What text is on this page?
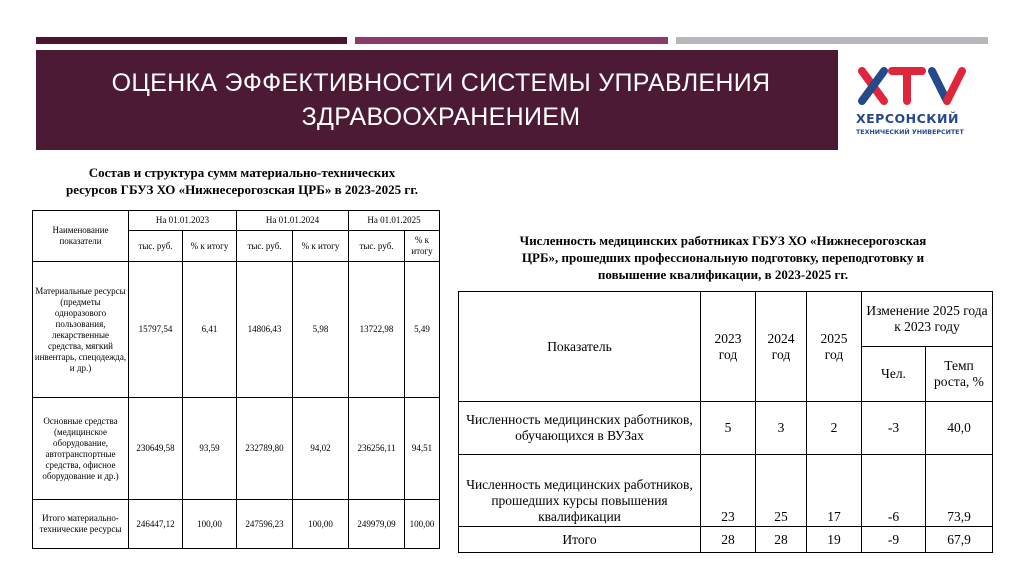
ОЦЕНКА ЭФФЕКТИВНОСТИ СИСТЕМЫ УПРАВЛЕНИЯ
ЗДРАВООХРАНЕНИЕМ	ХЕРСОНСКИЙ
ТЕХНИЧЕСКИЙ УНИВЕРСИТЕТ
Состав и структура сумм материально-технических
ресурсов ГБУЗ ХО «Нижнесерогозская ЦРБ» в 2023-2025 гг.
Наименование показатели	На 01.01.2023		На 01.01.2024		На 01.01.2025	
	тыс. руб.	% к итогу	тыс. руб.	% к итогу	тыс. руб.	% к итогу
Материальные ресурсы (предметы одноразового пользования, лекарственные средства, мягкий инвентарь, спецодежда, и др.)	15797,54	6,41	14806,43	5,98	13722,98	5,49
Основные средства (медицинское оборудование, автотранспортные средства, офисное оборудование и др.)	230649,58	93,59	232789,80	94,02	236256,11	94,51
Итого материально-технические ресурсы	246447,12	100,00	247596,23	100,00	249979,09	100,00
Численность медицинских работниках ГБУЗ ХО «Нижнесерогозская
ЦРБ», прошедших профессиональную подготовку, переподготовку и
повышение квалификации, в 2023-2025 гг.
Показатель	2023 год	2024 год	2025 год	Изменение 2025 года к 2023 году	
				Чел.	Темп роста, %
Численность медицинских работников, обучающихся в ВУЗах	5	3	2	-3	40,0
Численность медицинских работников, прошедших курсы повышения квалификации	23	25	17	-6	73,9
Итого	28	28	19	-9	67,9
